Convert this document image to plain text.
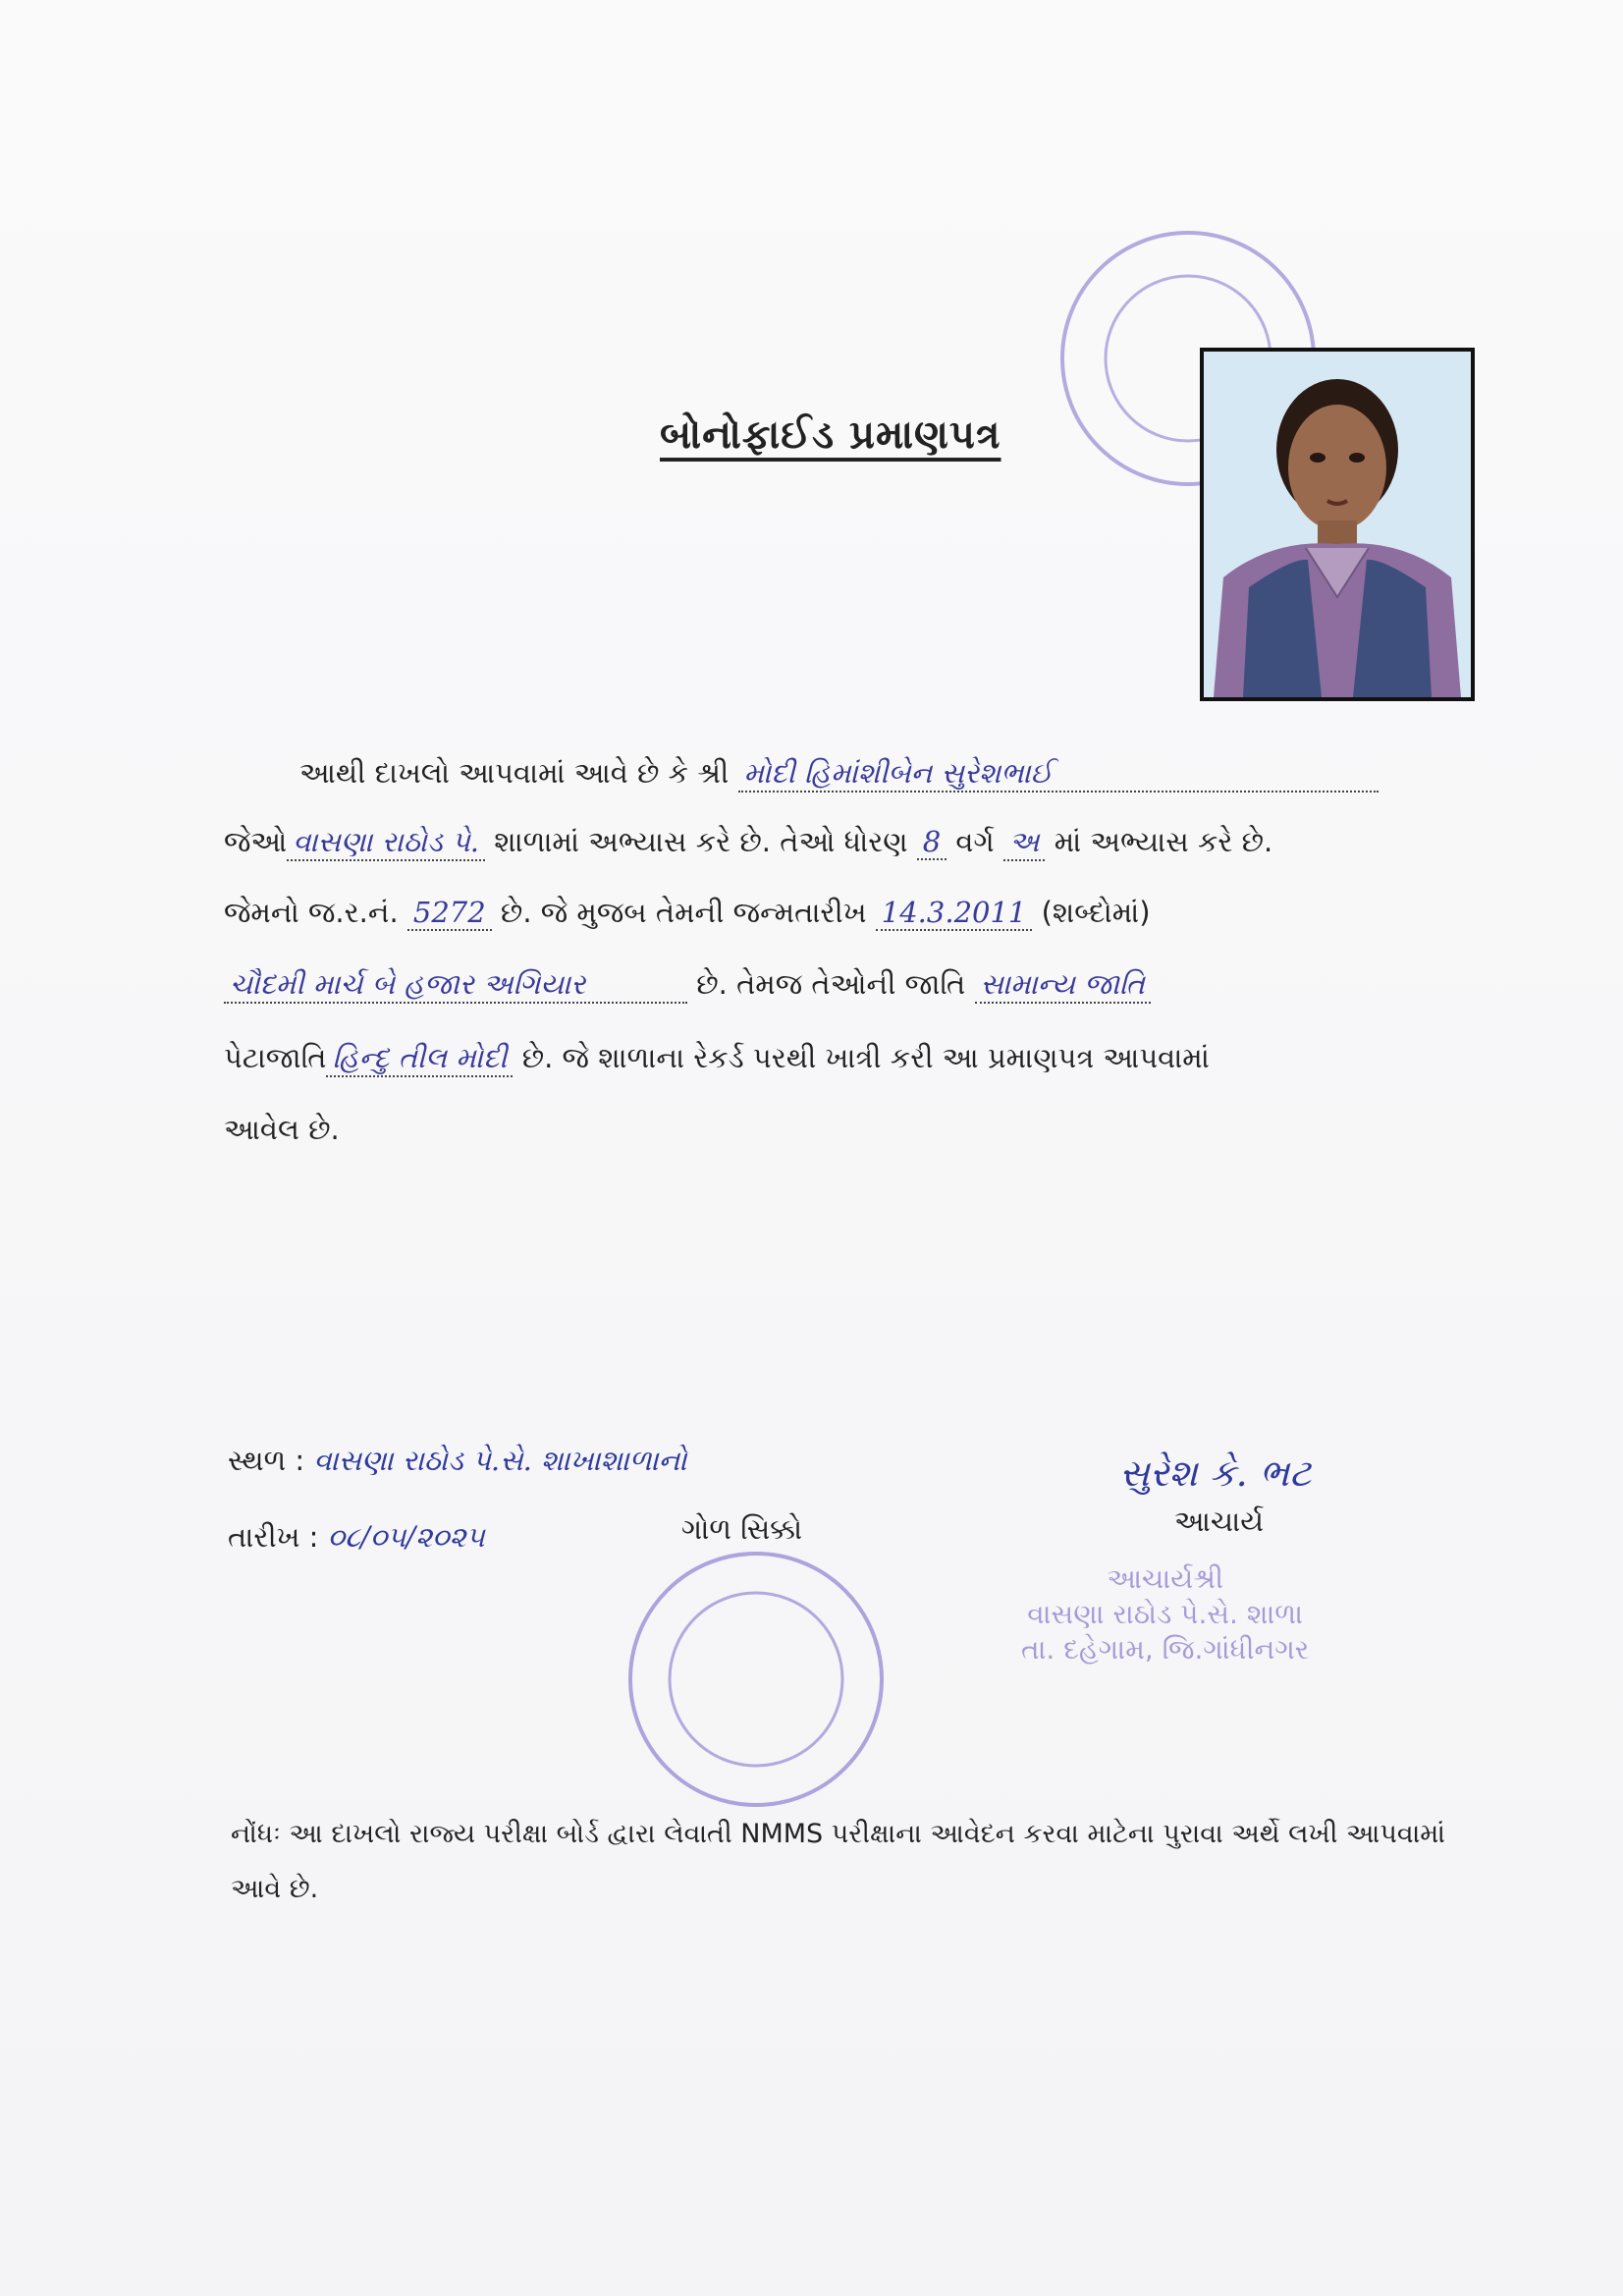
બોનોફાઈડ પ્રમાણપત્ર
આથી દાખલો આપવામાં આવે છે કે શ્રી મોદી હિમાંશીબેન સુરેશભાઈ
જેઓ વાસણા રાઠોડ પે. શાળામાં અભ્યાસ કરે છે. તેઓ ધોરણ 8 વર્ગ અ માં અભ્યાસ કરે છે.
જેમનો જ.ર.નં. 5272 છે. જે મુજબ તેમની જન્મતારીખ 14.3.2011 (શબ્દોમાં)
ચૌદમી માર્ચ બે હજાર અગિયાર	છે. તેમજ તેઓની જાતિ સામાન્ય જાતિ
પેટાજાતિ હિન્દુ તીલ મોદી છે. જે શાળાના રેકર્ડ પરથી ખાત્રી કરી આ પ્રમાણપત્ર આપવામાં
આવેલ છે.
સ્થળ : વાસણા રાઠોડ પે.સે. શાખાશાળાનો
તારીખ : ૦૮/૦૫/૨૦૨૫	ગોળ સિક્કો
સુરેશ કે. ભટ
આચાર્ય
આચાર્યશ્રી
વાસણા રાઠોડ પે.સે. શાળા
તા. દહેગામ, જિ.ગાંધીનગર
નોંધઃ આ દાખલો રાજ્ય પરીક્ષા બોર્ડ દ્વારા લેવાતી NMMS પરીક્ષાના આવેદન કરવા માટેના પુરાવા અર્થે લખી આપવામાં આવે છે.
